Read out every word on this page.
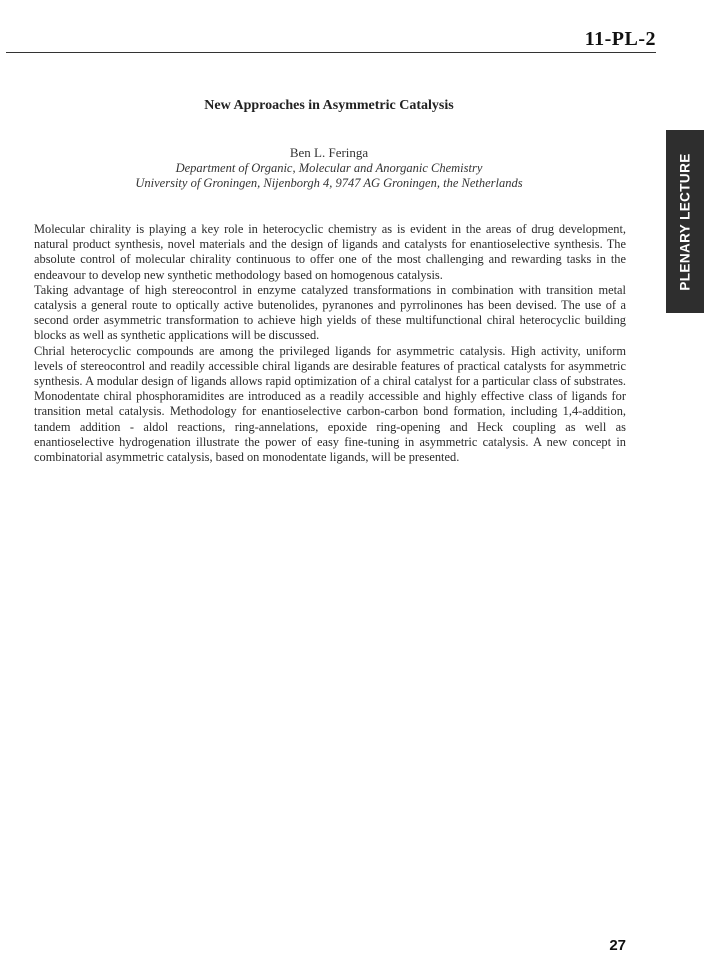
11-PL-2
PLENARY LECTURE
New Approaches in Asymmetric Catalysis
Ben L. Feringa
Department of Organic, Molecular and Anorganic Chemistry
University of Groningen, Nijenborgh 4, 9747 AG Groningen, the Netherlands

Molecular chirality is playing a key role in heterocyclic chemistry as is evident in the areas of drug development, natural product synthesis, novel materials and the design of ligands and catalysts for enantioselective synthesis. The absolute control of molecular chirality continuous to offer one of the most challenging and rewarding tasks in the endeavour to develop new synthetic methodology based on homogenous catalysis.

Taking advantage of high stereocontrol in enzyme catalyzed transformations in combination with transition metal catalysis a general route to optically active butenolides, pyranones and pyrrolinones has been devised. The use of a second order asymmetric transformation to achieve high yields of these multifunctional chiral heterocyclic building blocks as well as synthetic applications will be discussed.

Chrial heterocyclic compounds are among the privileged ligands for asymmetric catalysis. High activity, uniform levels of stereocontrol and readily accessible chiral ligands are desirable features of practical catalysts for asymmetric synthesis. A modular design of ligands allows rapid optimization of a chiral catalyst for a particular class of substrates. Monodentate chiral phosphoramidites are introduced as a readily accessible and highly effective class of ligands for transition metal catalysis. Methodology for enantioselective carbon-carbon bond formation, including 1,4-addition, tandem addition - aldol reactions, ring-annelations, epoxide ring-opening and Heck coupling as well as enantioselective hydrogenation illustrate the power of easy fine-tuning in asymmetric catalysis. A new concept in combinatorial asymmetric catalysis, based on monodentate ligands, will be presented.

27
